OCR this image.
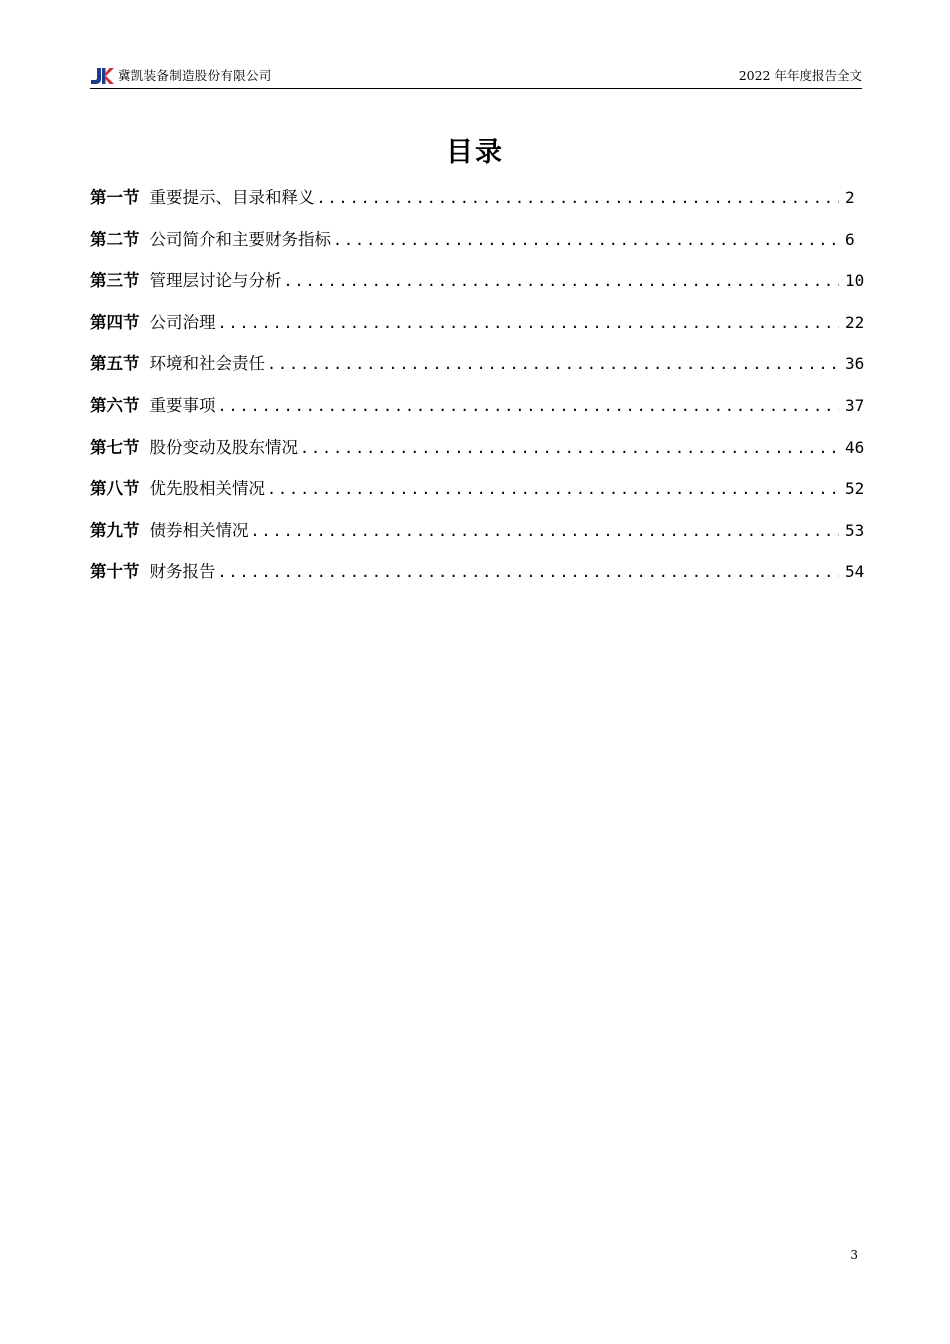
冀凯装备制造股份有限公司	2022 年年度报告全文
目录
第一节 重要提示、目录和释义 .....	2
第二节 公司简介和主要财务指标 .....	6
第三节 管理层讨论与分析 .....	10
第四节 公司治理 .....	22
第五节 环境和社会责任 .....	36
第六节 重要事项 .....	37
第七节 股份变动及股东情况 .....	46
第八节 优先股相关情况 .....	52
第九节 债券相关情况 .....	53
第十节 财务报告 .....	54
3
